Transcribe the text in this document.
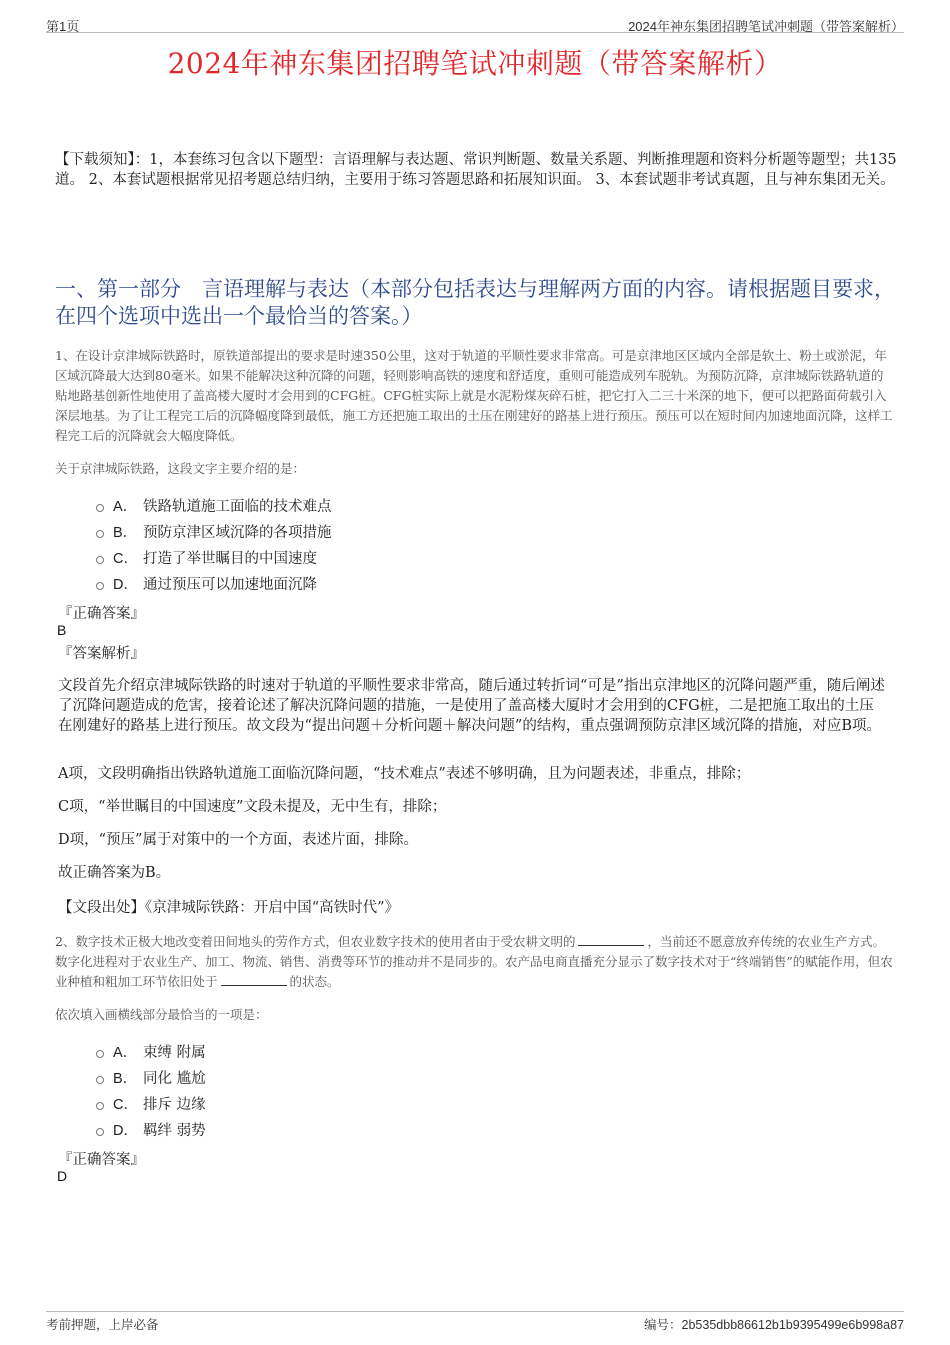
第1页	2024年神东集团招聘笔试冲刺题（带答案解析）
2024年神东集团招聘笔试冲刺题（带答案解析）
【下载须知】：1，本套练习包含以下题型：言语理解与表达题、常识判断题、数量关系题、判断推理题和资料分析题等题型；共135道。 2、本套试题根据常见招考题总结归纳，主要用于练习答题思路和拓展知识面。 3、本套试题非考试真题，且与神东集团无关。
一、第一部分　言语理解与表达（本部分包括表达与理解两方面的内容。请根据题目要求，在四个选项中选出一个最恰当的答案。）
1、在设计京津城际铁路时，原铁道部提出的要求是时速350公里，这对于轨道的平顺性要求非常高。可是京津地区区域内全部是软土、粉土或淤泥，年区域沉降最大达到80毫米。如果不能解决这种沉降的问题，轻则影响高铁的速度和舒适度，重则可能造成列车脱轨。为预防沉降，京津城际铁路轨道的贴地路基创新性地使用了盖高楼大厦时才会用到的CFG桩。CFG桩实际上就是水泥粉煤灰碎石桩，把它打入二三十米深的地下，便可以把路面荷载引入深层地基。为了让工程完工后的沉降幅度降到最低，施工方还把施工取出的土压在刚建好的路基上进行预压。预压可以在短时间内加速地面沉降，这样工程完工后的沉降就会大幅度降低。
关于京津城际铁路，这段文字主要介绍的是：
A． 铁路轨道施工面临的技术难点
B． 预防京津区域沉降的各项措施
C． 打造了举世瞩目的中国速度
D． 通过预压可以加速地面沉降
『正确答案』
B
『答案解析』
文段首先介绍京津城际铁路的时速对于轨道的平顺性要求非常高，随后通过转折词“可是”指出京津地区的沉降问题严重，随后阐述了沉降问题造成的危害，接着论述了解决沉降问题的措施，一是使用了盖高楼大厦时才会用到的CFG桩，二是把施工取出的土压在刚建好的路基上进行预压。故文段为“提出问题＋分析问题＋解决问题”的结构，重点强调预防京津区域沉降的措施，对应B项。
A项，文段明确指出铁路轨道施工面临沉降问题，“技术难点”表述不够明确，且为问题表述，非重点，排除；
C项，“举世瞩目的中国速度”文段未提及，无中生有，排除；
D项，“预压”属于对策中的一个方面，表述片面，排除。
故正确答案为B。
【文段出处】《京津城际铁路：开启中国“高铁时代”》
2、数字技术正极大地改变着田间地头的劳作方式，但农业数字技术的使用者由于受农耕文明的	，当前还不愿意放弃传统的农业生产方式。数字化进程对于农业生产、加工、物流、销售、消费等环节的推动并不是同步的。农产品电商直播充分显示了数字技术对于“终端销售”的赋能作用，但农业种植和粗加工环节依旧处于	的状态。
依次填入画横线部分最恰当的一项是：
A． 束缚 附属
B． 同化 尴尬
C． 排斥 边缘
D． 羁绊 弱势
『正确答案』
D
考前押题，上岸必备	编号：2b535dbb86612b1b9395499e6b998a87
